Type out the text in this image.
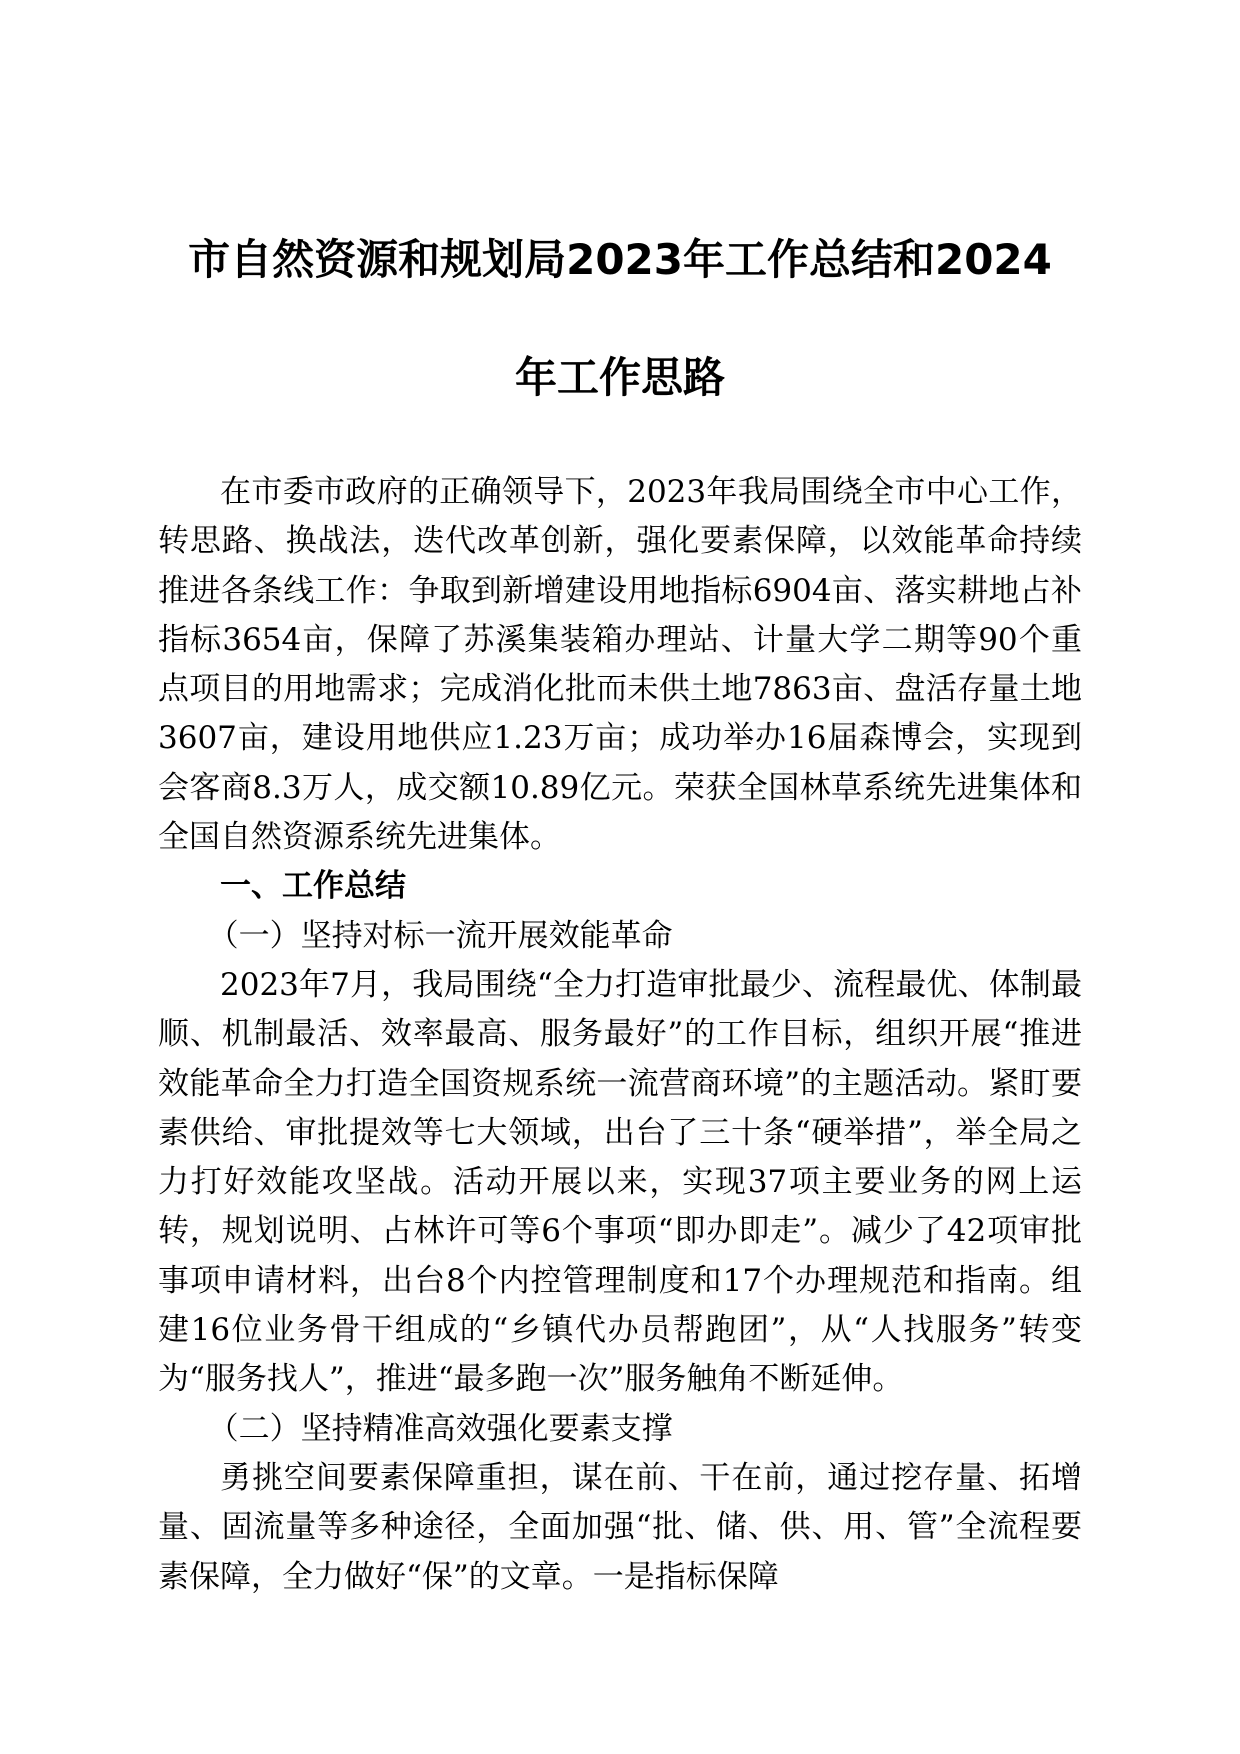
市自然资源和规划局2023年工作总结和2024
年工作思路

在市委市政府的正确领导下，2023年我局围绕全市中心工作，转思路、换战法，迭代改革创新，强化要素保障，以效能革命持续推进各条线工作：争取到新增建设用地指标6904亩、落实耕地占补指标3654亩，保障了苏溪集装箱办理站、计量大学二期等90个重点项目的用地需求；完成消化批而未供土地7863亩、盘活存量土地3607亩，建设用地供应1.23万亩；成功举办16届森博会，实现到会客商8.3万人，成交额10.89亿元。荣获全国林草系统先进集体和全国自然资源系统先进集体。

一、工作总结

（一）坚持对标一流开展效能革命

2023年7月，我局围绕“全力打造审批最少、流程最优、体制最顺、机制最活、效率最高、服务最好”的工作目标，组织开展“推进效能革命全力打造全国资规系统一流营商环境”的主题活动。紧盯要素供给、审批提效等七大领域，出台了三十条“硬举措”，举全局之力打好效能攻坚战。活动开展以来，实现37项主要业务的网上运转，规划说明、占林许可等6个事项“即办即走”。减少了42项审批事项申请材料，出台8个内控管理制度和17个办理规范和指南。组建16位业务骨干组成的“乡镇代办员帮跑团”，从“人找服务”转变为“服务找人”，推进“最多跑一次”服务触角不断延伸。

（二）坚持精准高效强化要素支撑

勇挑空间要素保障重担，谋在前、干在前，通过挖存量、拓增量、固流量等多种途径，全面加强“批、储、供、用、管”全流程要素保障，全力做好“保”的文章。一是指标保障
